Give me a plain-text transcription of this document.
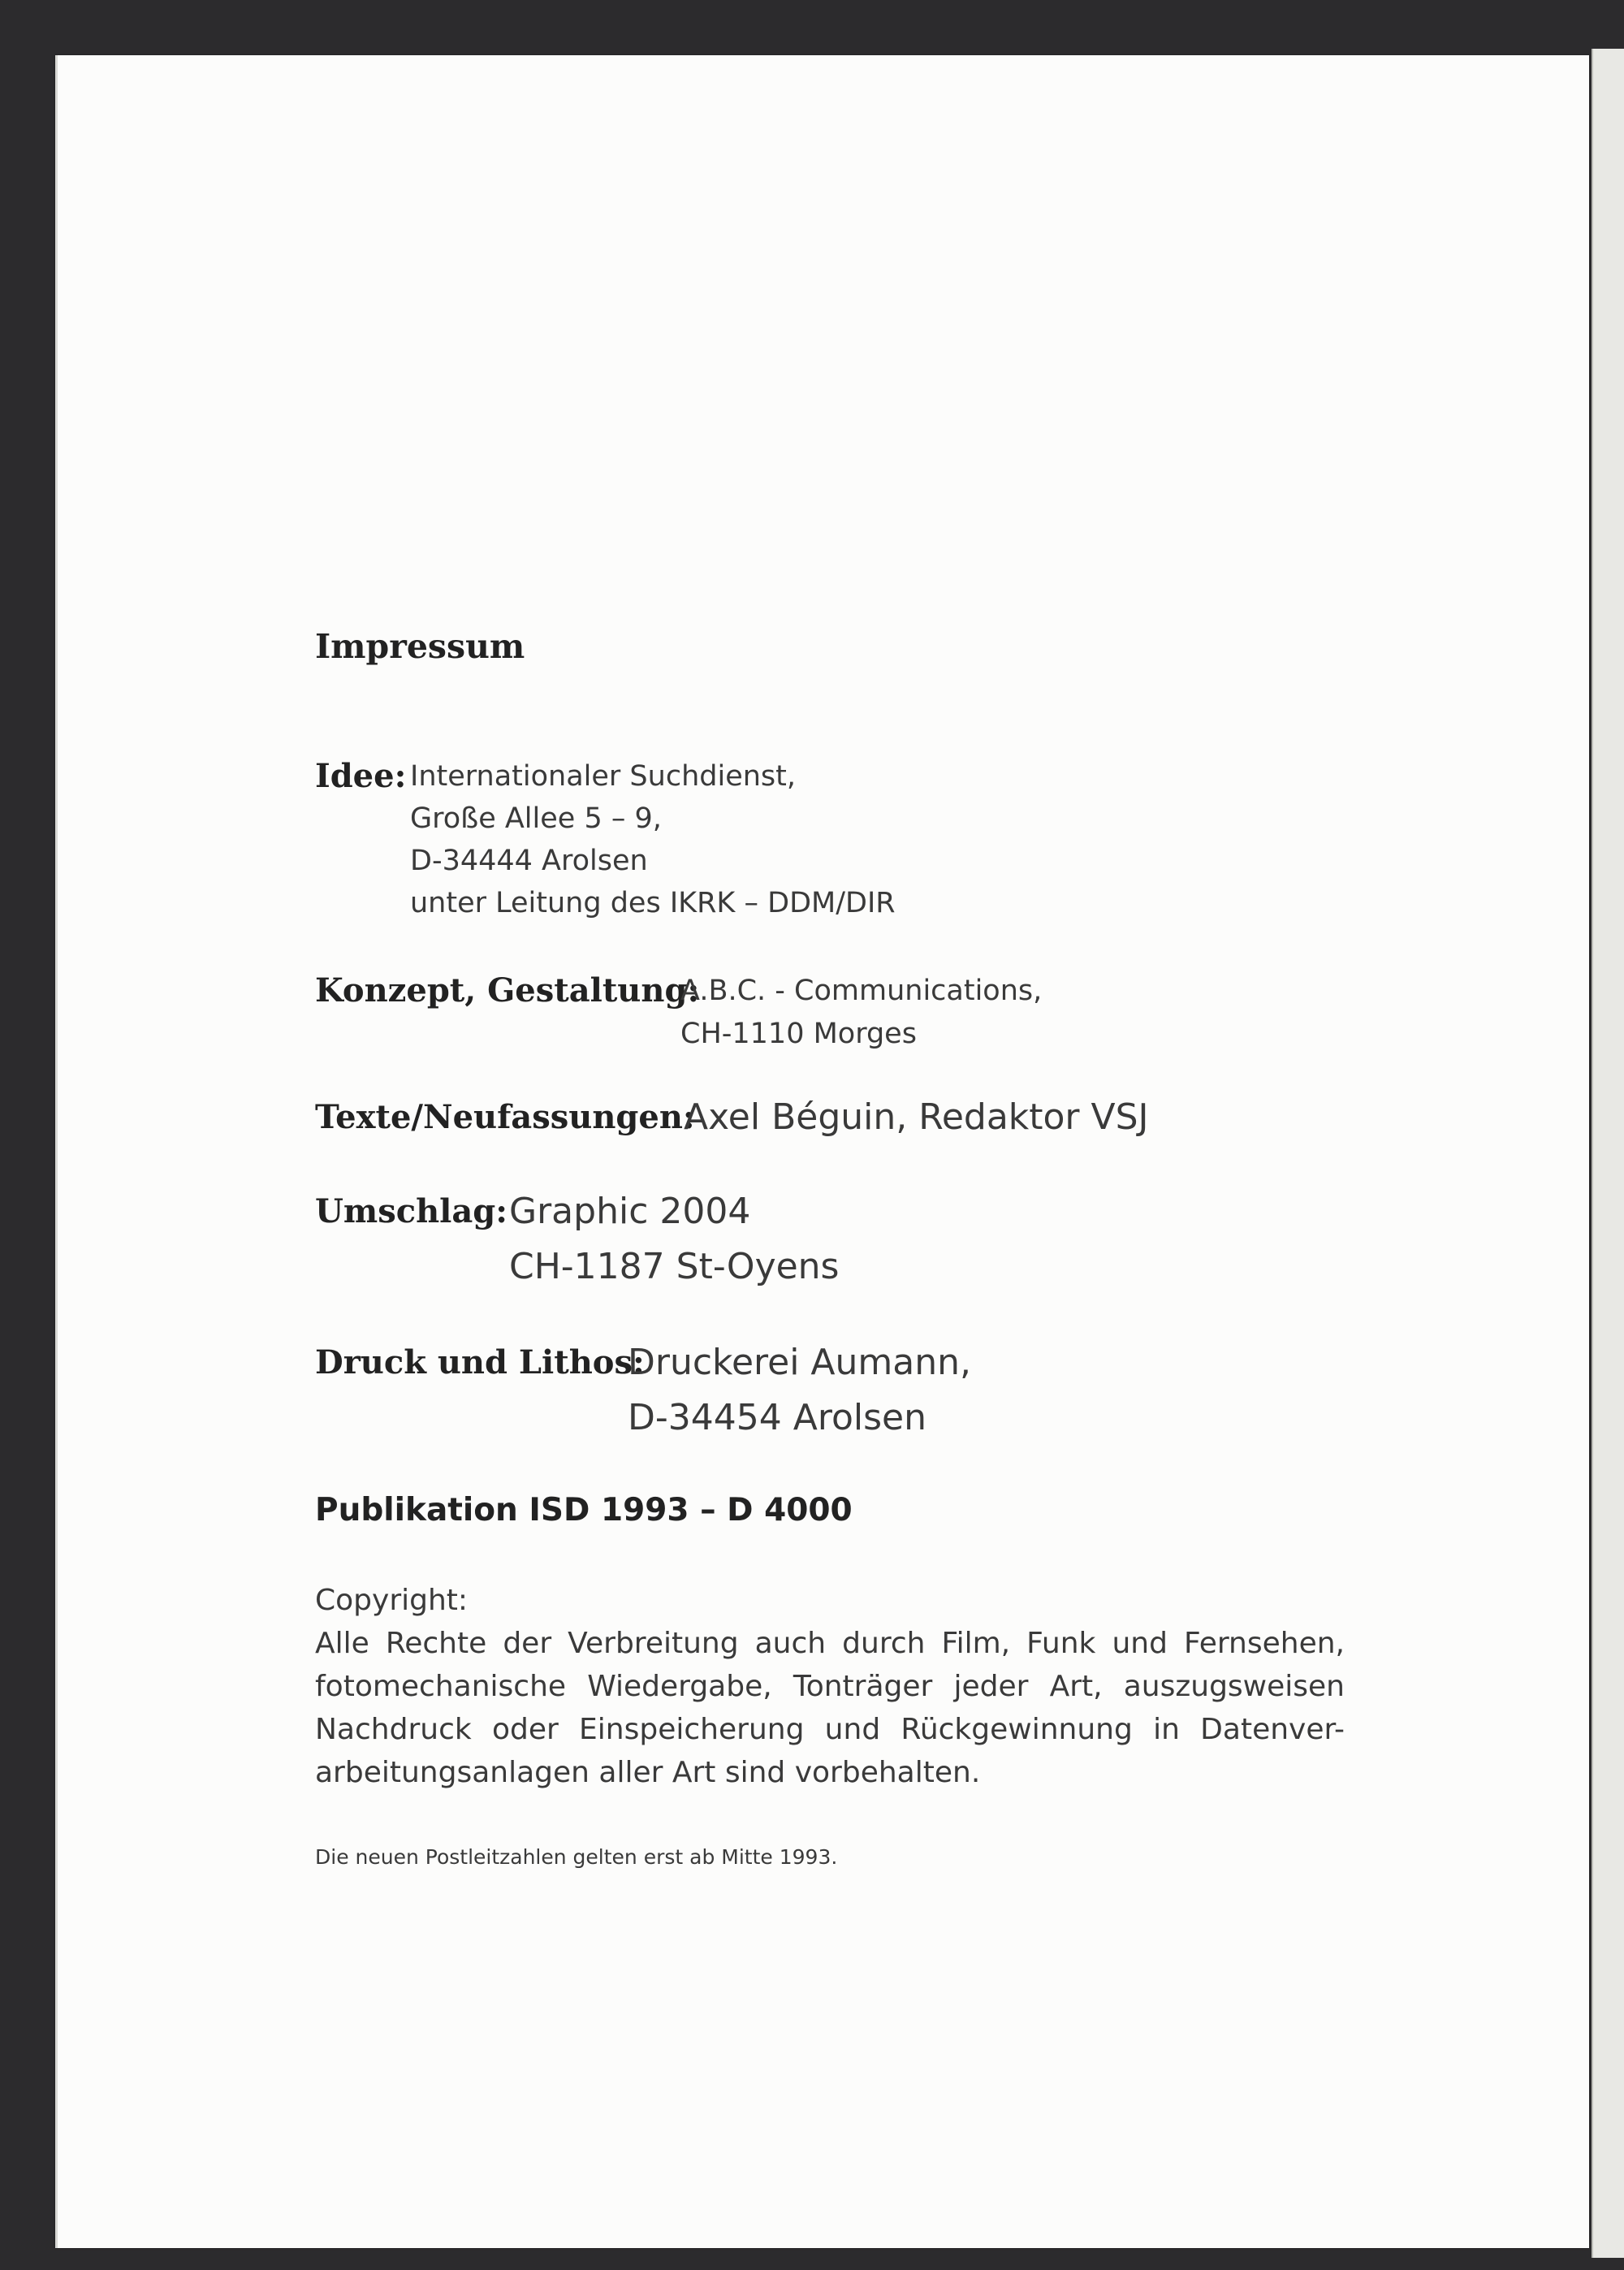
Impressum
Idee: Internationaler Suchdienst,
Große Allee 5 – 9,
D-34444 Arolsen
unter Leitung des IKRK – DDM/DIR
Konzept, Gestaltung:
A.B.C. - Communications,
CH-1110 Morges
Texte/Neufassungen:
Axel Béguin, Redaktor VSJ
Umschlag: Graphic 2004
CH-1187 St-Oyens
Druck und Lithos:
Druckerei Aumann,
D-34454 Arolsen
Publikation ISD 1993 – D 4000
Copyright:
Alle Rechte der Verbreitung auch durch Film, Funk und Fernsehen,
fotomechanische Wiedergabe, Tonträger jeder Art, auszugsweisen
Nachdruck oder Einspeicherung und Rückgewinnung in Datenver-
arbeitungsanlagen aller Art sind vorbehalten.
Die neuen Postleitzahlen gelten erst ab Mitte 1993.
